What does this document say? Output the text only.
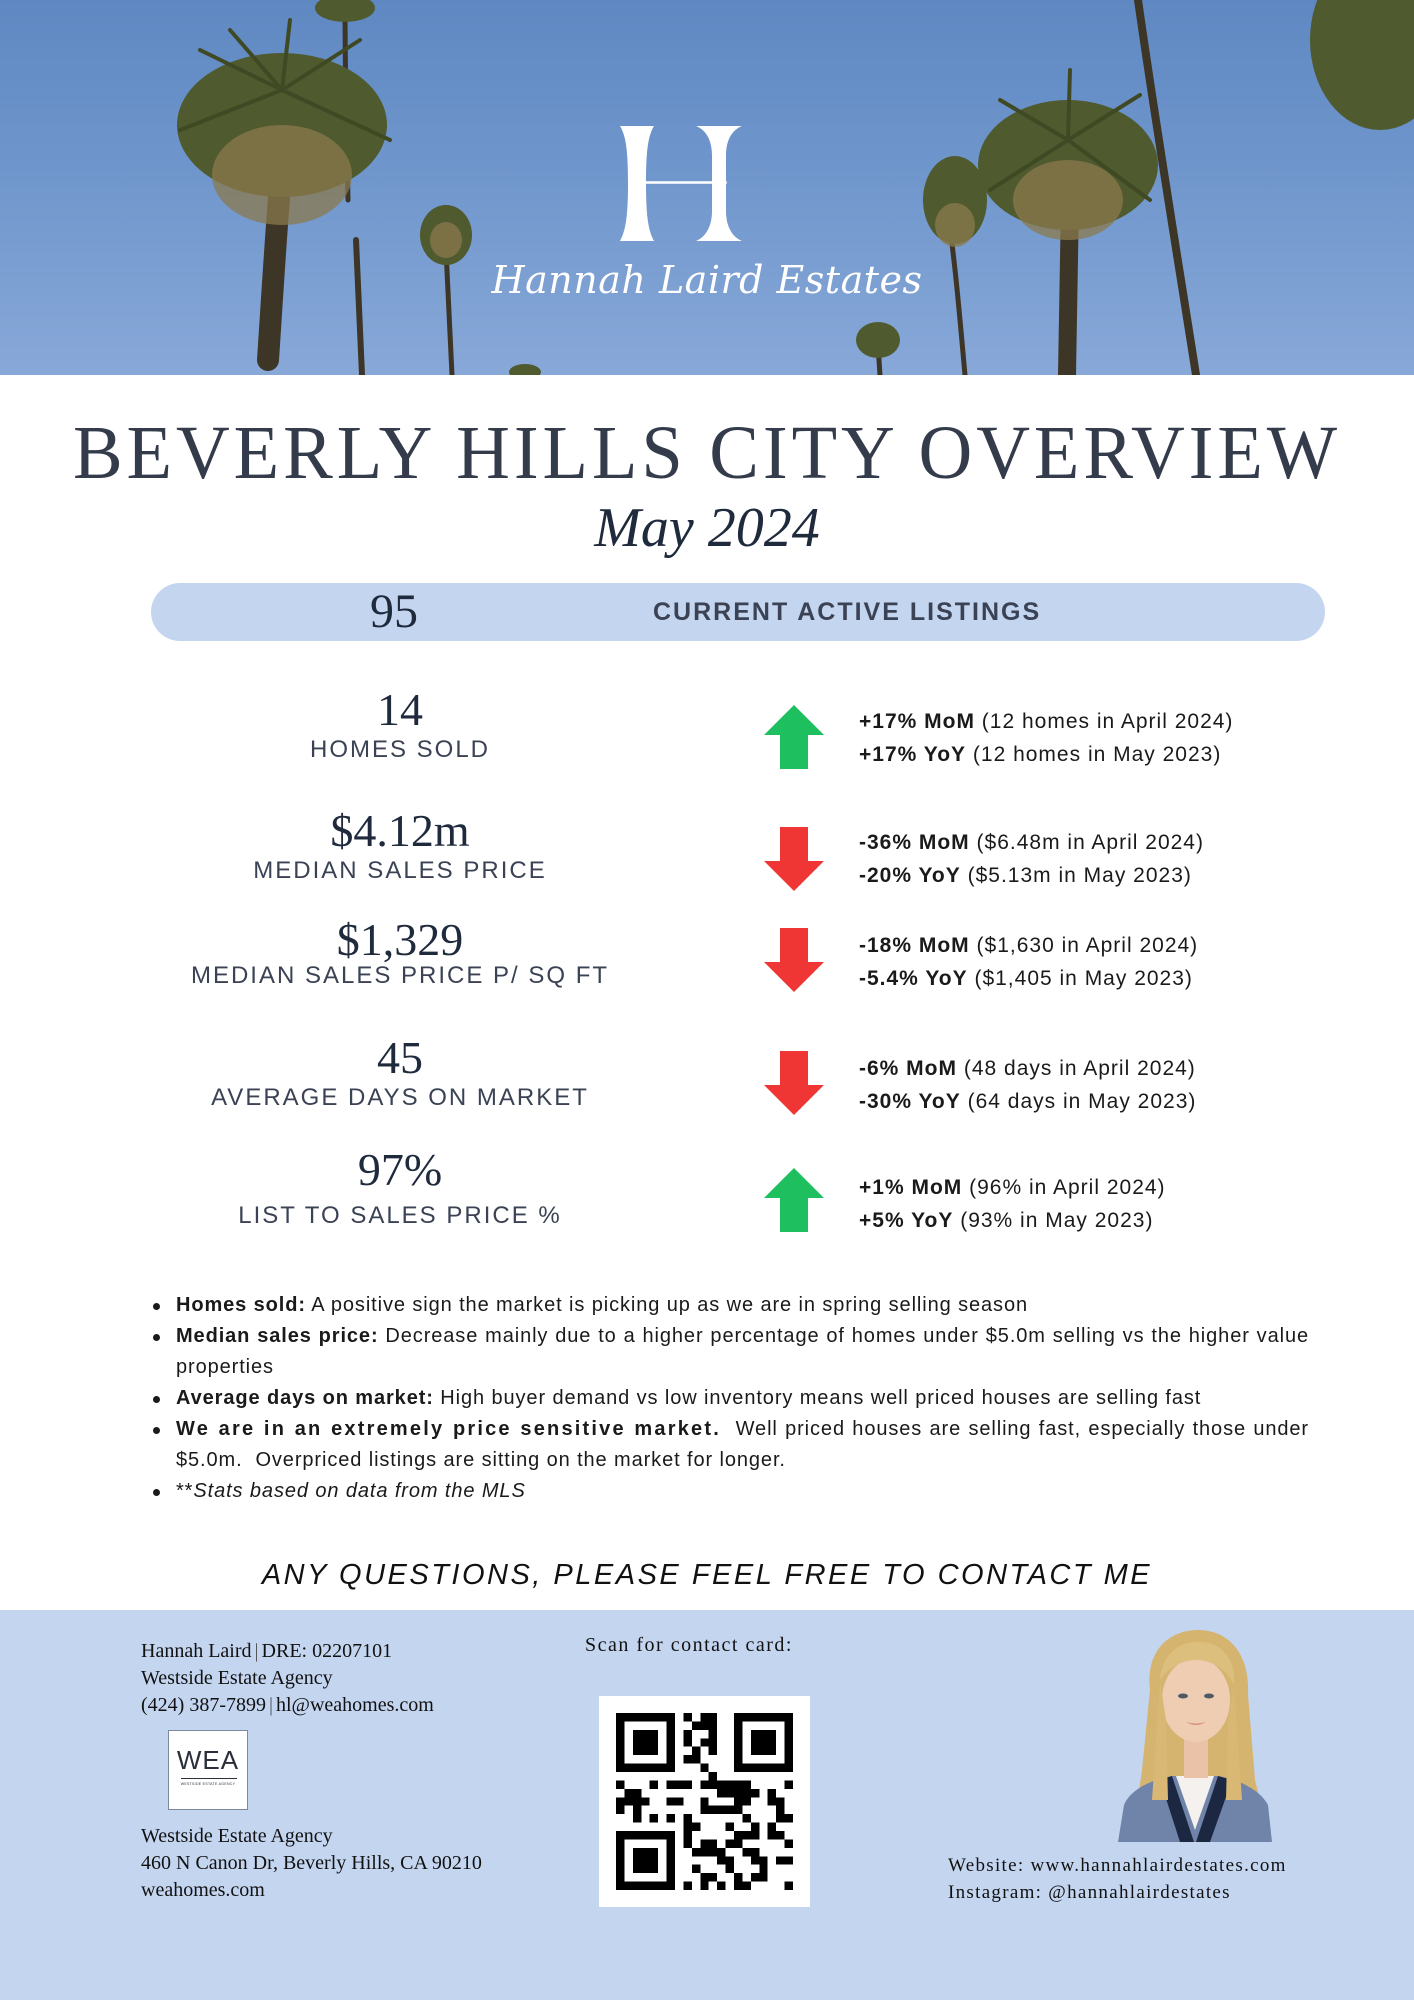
Hannah Laird Estates
BEVERLY HILLS CITY OVERVIEW
May 2024
95	CURRENT ACTIVE LISTINGS
14
HOMES SOLD
+17% MoM (12 homes in April 2024)
+17% YoY (12 homes in May 2023)
$4.12m
MEDIAN SALES PRICE
-36% MoM ($6.48m in April 2024)
-20% YoY ($5.13m in May 2023)
$1,329
MEDIAN SALES PRICE P/ SQ FT
-18% MoM ($1,630 in April 2024)
-5.4% YoY ($1,405 in May 2023)
45
AVERAGE DAYS ON MARKET
-6% MoM (48 days in April 2024)
-30% YoY (64 days in May 2023)
97%
LIST TO SALES PRICE %
+1% MoM (96% in April 2024)
+5% YoY (93% in May 2023)
Homes sold: A positive sign the market is picking up as we are in spring selling season
Median sales price: Decrease mainly due to a higher percentage of homes under $5.0m selling vs the higher value properties
Average days on market: High buyer demand vs low inventory means well priced houses are selling fast
We are in an extremely price sensitive market.  Well priced houses are selling fast, especially those under $5.0m.  Overpriced listings are sitting on the market for longer.
**Stats based on data from the MLS
ANY QUESTIONS, PLEASE FEEL FREE TO CONTACT ME
Hannah Laird | DRE: 02207101
Westside Estate Agency
(424) 387-7899 | hl@weahomes.com
WEA
WESTSIDE ESTATE AGENCY
Westside Estate Agency
460 N Canon Dr, Beverly Hills, CA 90210
weahomes.com
Scan for contact card:
Website: www.hannahlairdestates.com
Instagram: @hannahlairdestates
